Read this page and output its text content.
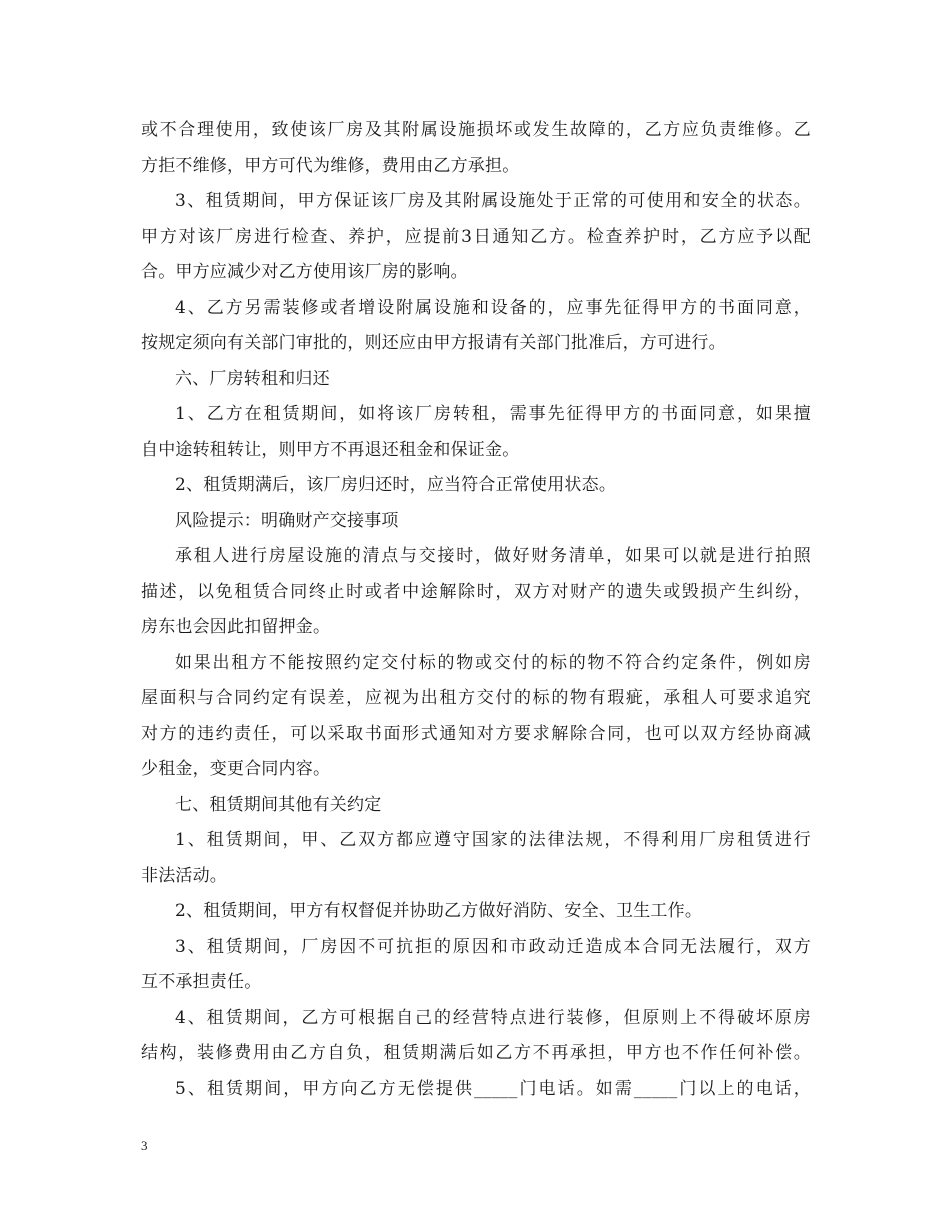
或不合理使用，致使该厂房及其附属设施损坏或发生故障的，乙方应负责维修。乙
方拒不维修，甲方可代为维修，费用由乙方承担。
3、租赁期间，甲方保证该厂房及其附属设施处于正常的可使用和安全的状态。
甲方对该厂房进行检查、养护，应提前3日通知乙方。检查养护时，乙方应予以配
合。甲方应减少对乙方使用该厂房的影响。
4、乙方另需装修或者增设附属设施和设备的，应事先征得甲方的书面同意，
按规定须向有关部门审批的，则还应由甲方报请有关部门批准后，方可进行。
六、厂房转租和归还
1、乙方在租赁期间，如将该厂房转租，需事先征得甲方的书面同意，如果擅
自中途转租转让，则甲方不再退还租金和保证金。
2、租赁期满后，该厂房归还时，应当符合正常使用状态。
风险提示：明确财产交接事项
承租人进行房屋设施的清点与交接时，做好财务清单，如果可以就是进行拍照
描述，以免租赁合同终止时或者中途解除时，双方对财产的遗失或毁损产生纠纷，
房东也会因此扣留押金。
如果出租方不能按照约定交付标的物或交付的标的物不符合约定条件，例如房
屋面积与合同约定有误差，应视为出租方交付的标的物有瑕疵，承租人可要求追究
对方的违约责任，可以采取书面形式通知对方要求解除合同，也可以双方经协商减
少租金，变更合同内容。
七、租赁期间其他有关约定
1、租赁期间，甲、乙双方都应遵守国家的法律法规，不得利用厂房租赁进行
非法活动。
2、租赁期间，甲方有权督促并协助乙方做好消防、安全、卫生工作。
3、租赁期间，厂房因不可抗拒的原因和市政动迁造成本合同无法履行，双方
互不承担责任。
4、租赁期间，乙方可根据自己的经营特点进行装修，但原则上不得破坏原房
结构，装修费用由乙方自负，租赁期满后如乙方不再承担，甲方也不作任何补偿。
5、租赁期间，甲方向乙方无偿提供_____门电话。如需_____门以上的电话，
3
